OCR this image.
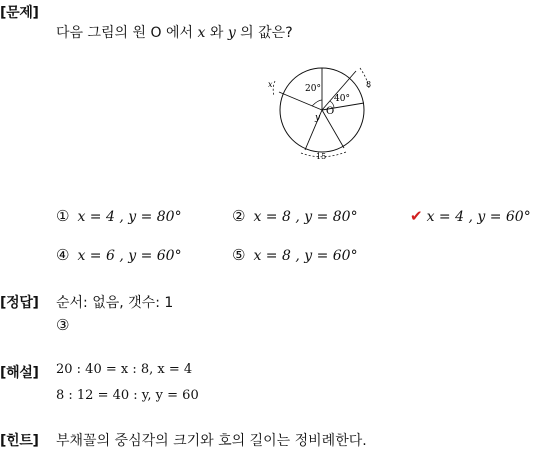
[문제]
다음 그림의 원 O 에서 x 와 y 의 값은?
20°
40°
O
y
x	8
15
① x = 4 , y = 80°	② x = 8 , y = 80°	✔ x = 4 , y = 60°
④ x = 6 , y = 60°	⑤ x = 8 , y = 60°
[정답] 순서: 없음, 갯수: 1
③
[해설] 20 : 40 = x : 8, x = 4
8 : 12 = 40 : y, y = 60
[힌트] 부채꼴의 중심각의 크기와 호의 길이는 정비례한다.
